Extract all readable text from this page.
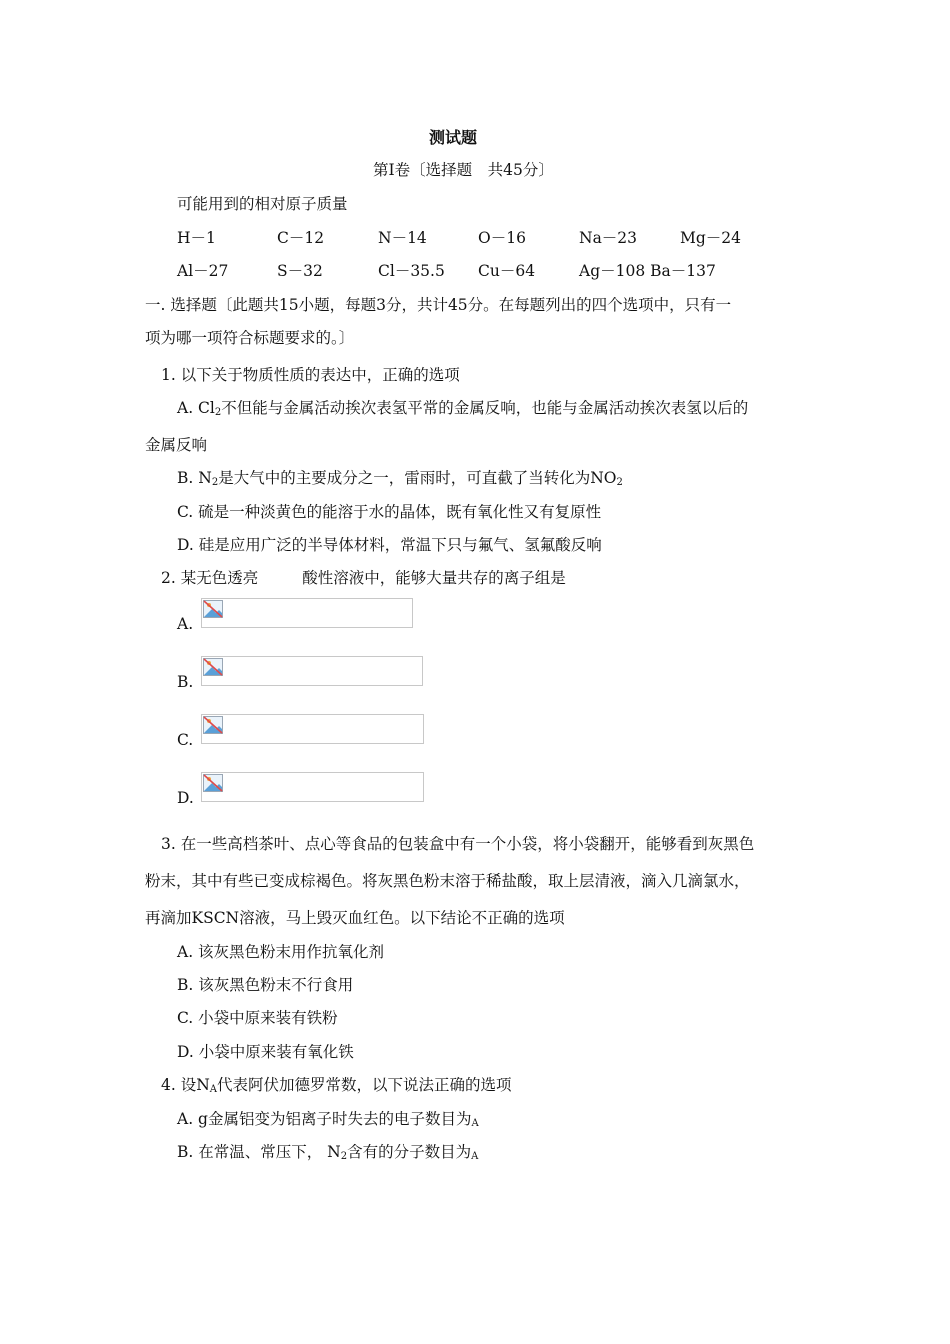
测试题
第Ⅰ卷〔选择题　共45分〕
可能用到的相对原子质量
H－1	C－12	N－14	O－16	Na－23	Mg－24
Al－27	S－32	Cl－35.5 Cu－64	Ag－108 Ba－137
一. 选择题〔此题共15小题，每题3分，共计45分。在每题列出的四个选项中，只有一
项为哪一项符合标题要求的。〕
1. 以下关于物质性质的表达中，正确的选项
A. $Cl_2$不但能与金属活动挨次表氢平常的金属反响，也能与金属活动挨次表氢以后的
金属反响
B. $N_2$是大气中的主要成分之一，雷雨时，可直截了当转化为$NO_2$
C. 硫是一种淡黄色的能溶于水的晶体，既有氧化性又有复原性
D. 硅是应用广泛的半导体材料，常温下只与氟气、氢氟酸反响
2. 某无色透亮	酸性溶液中，能够大量共存的离子组是
A.
B.
C.
D.
3. 在一些高档茶叶、点心等食品的包装盒中有一个小袋，将小袋翻开，能够看到灰黑色
粉末，其中有些已变成棕褐色。将灰黑色粉末溶于稀盐酸，取上层清液，滴入几滴氯水，
再滴加KSCN溶液，马上毁灭血红色。以下结论不正确的选项
A. 该灰黑色粉末用作抗氧化剂
B. 该灰黑色粉末不行食用
C. 小袋中原来装有铁粉
D. 小袋中原来装有氧化铁
4. 设$N_A$代表阿伏加德罗常数，以下说法正确的选项
A. g金属铝变为铝离子时失去的电子数目为$_A$
B. 在常温、常压下， $N_2$含有的分子数目为$_A$
